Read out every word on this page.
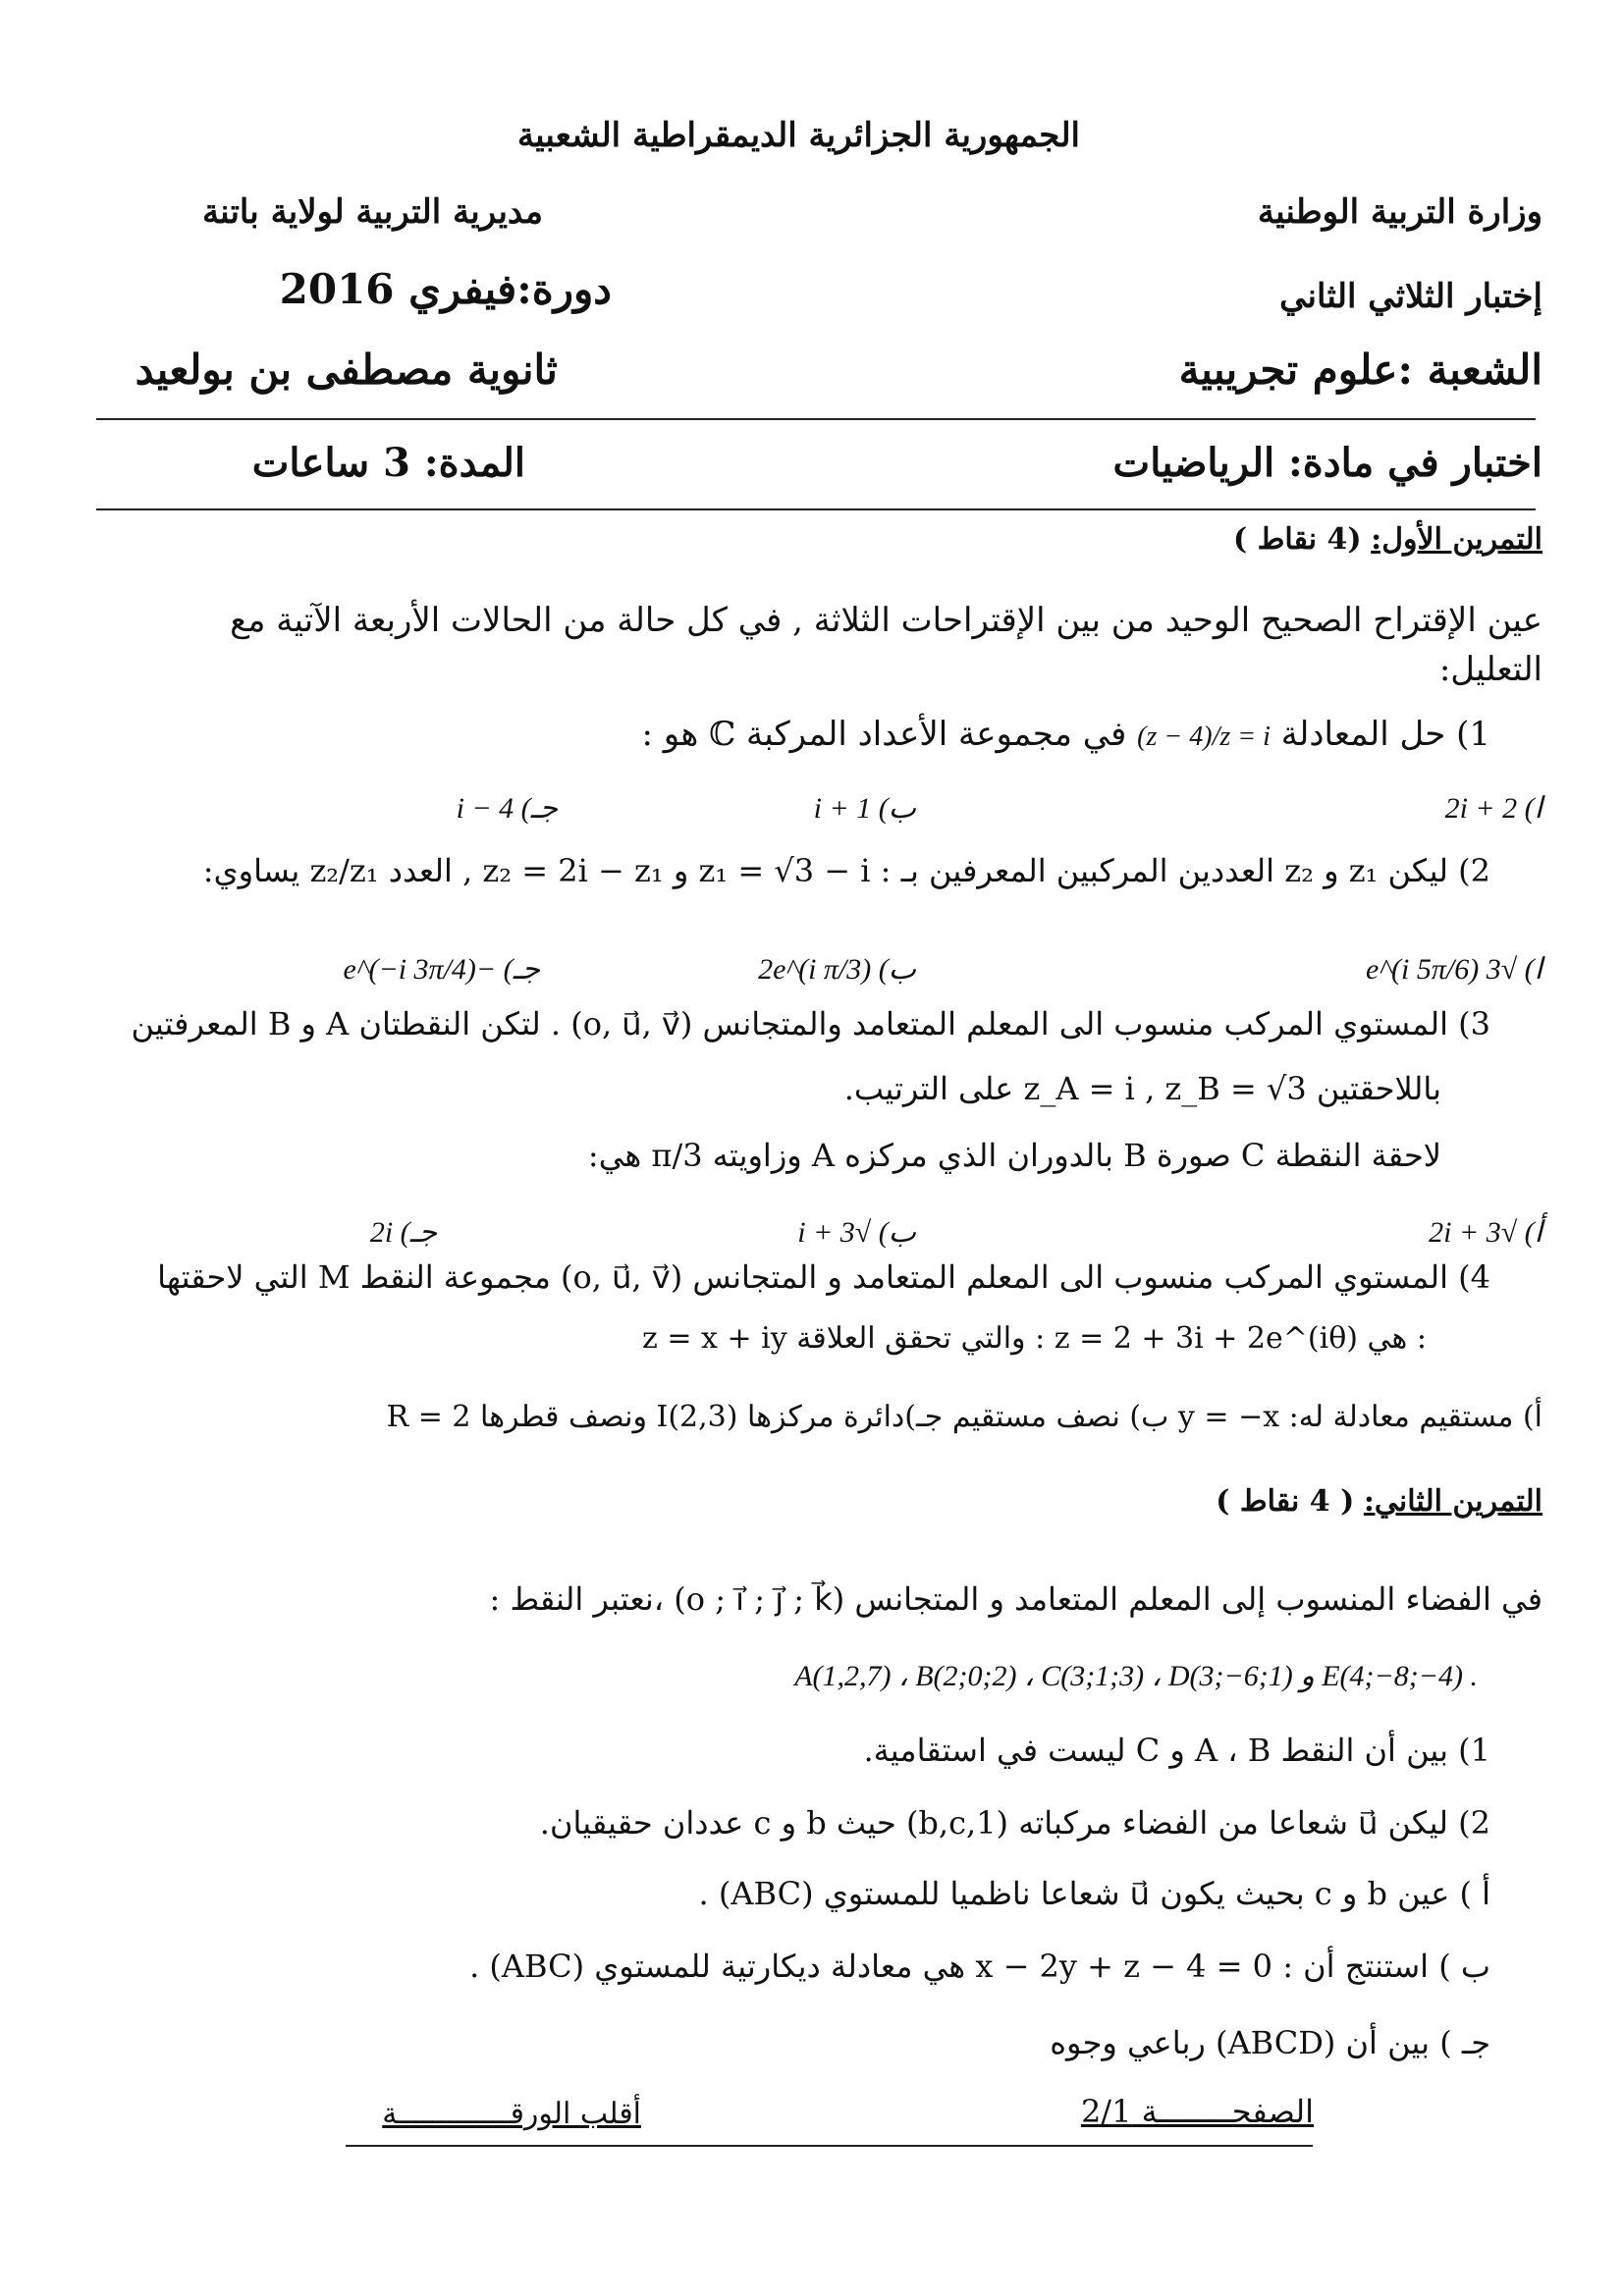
الجمهورية الجزائرية الديمقراطية الشعبية
وزارة التربية الوطنية
مديرية التربية لولاية باتنة
إختبار الثلاثي الثاني
دورة:فيفري 2016
الشعبة :علوم تجريبية
ثانوية مصطفى بن بولعيد
اختبار في مادة: الرياضيات
المدة: 3 ساعات
التمرين الأول: (4 نقاط )
عين الإقتراح الصحيح الوحيد من بين الإقتراحات الثلاثة , في كل حالة من الحالات الأربعة الآتية مع
التعليل:
1) حل المعادلة (z − 4)/z = i في مجموعة الأعداد المركبة ℂ هو :
ا) 2 + 2i
ب) 1 + i
جـ) 4 − i
2) ليكن z₁ و z₂ العددين المركبين المعرفين بـ : z₁ = √3 − i و z₂ = 2i − z₁ , العدد z₂/z₁ يساوي:
ا) √3 e^(i 5π/6)
ب) 2e^(i π/3)
جـ) −e^(−i 3π/4)
3) المستوي المركب منسوب الى المعلم المتعامد والمتجانس (o, u⃗, v⃗) . لتكن النقطتان A و B المعرفتين
باللاحقتين z_A = i , z_B = √3 على الترتيب.
لاحقة النقطة C صورة B بالدوران الذي مركزه A وزاويته π/3 هي:
أ) √3 + 2i
ب) √3 + i
جـ) 2i
4) المستوي المركب منسوب الى المعلم المتعامد و المتجانس (o, u⃗, v⃗) مجموعة النقط M التي لاحقتها
z = x + iy والتي تحقق العلاقة : z = 2 + 3i + 2e^(iθ) هي :
أ) مستقيم معادلة له: y = −x ب) نصف مستقيم جـ)دائرة مركزها I(2,3) ونصف قطرها R = 2
التمرين الثاني: ( 4 نقاط )
في الفضاء المنسوب إلى المعلم المتعامد و المتجانس (o ; i⃗ ; j⃗ ; k⃗) ،نعتبر النقط :
A(1,2,7) ، B(2;0;2) ، C(3;1;3) ، D(3;−6;1) و E(4;−8;−4) .
1) بين أن النقط A ، B و C ليست في استقامية.
2) ليكن u⃗ شعاعا من الفضاء مركباته (1,b,c) حيث b و c عددان حقيقيان.
أ ) عين b و c بحيث يكون u⃗ شعاعا ناظميا للمستوي (ABC) .
ب ) استنتج أن : x − 2y + z − 4 = 0 هي معادلة ديكارتية للمستوي (ABC) .
جـ ) بين أن (ABCD) رباعي وجوه
الصفحــــــــة 2/1
أقلب الورقـــــــــــــة
